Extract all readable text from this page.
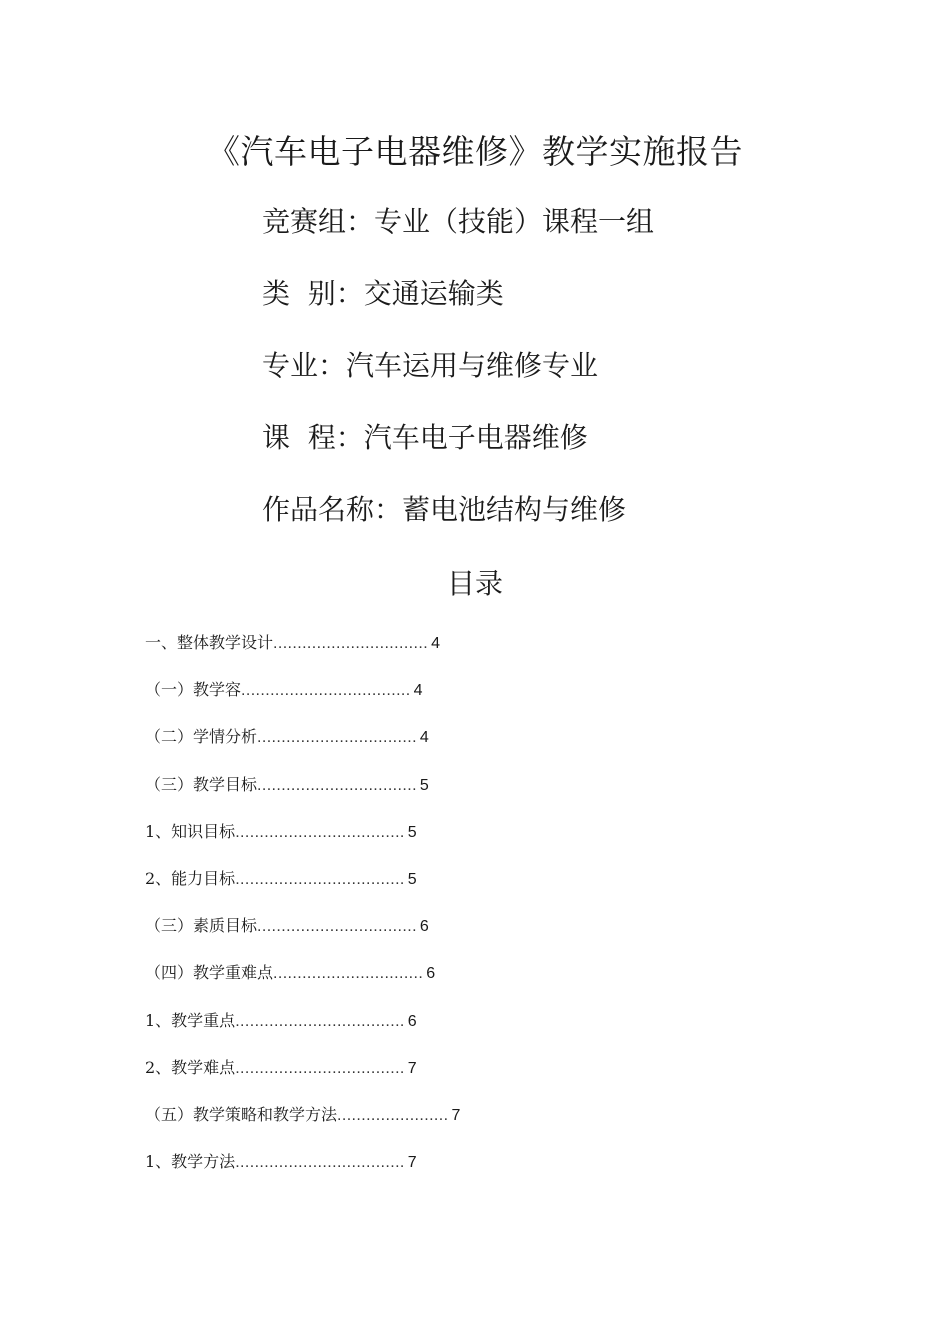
《汽车电子电器维修》教学实施报告
竞赛组：专业（技能）课程一组
类  别：交通运输类
专业：汽车运用与维修专业
课  程：汽车电子电器维修
作品名称：蓄电池结构与维修
目录
一、整体教学设计 ................................ 4
（一）教学容 ................................... 4
（二）学情分析 ................................. 4
（三）教学目标 ................................. 5
1、知识目标 ................................... 5
2、能力目标 ................................... 5
（三）素质目标 ................................. 6
（四）教学重难点 ............................... 6
1、教学重点 ................................... 6
2、教学难点 ................................... 7
（五）教学策略和教学方法 ....................... 7
1、教学方法 ................................... 7
